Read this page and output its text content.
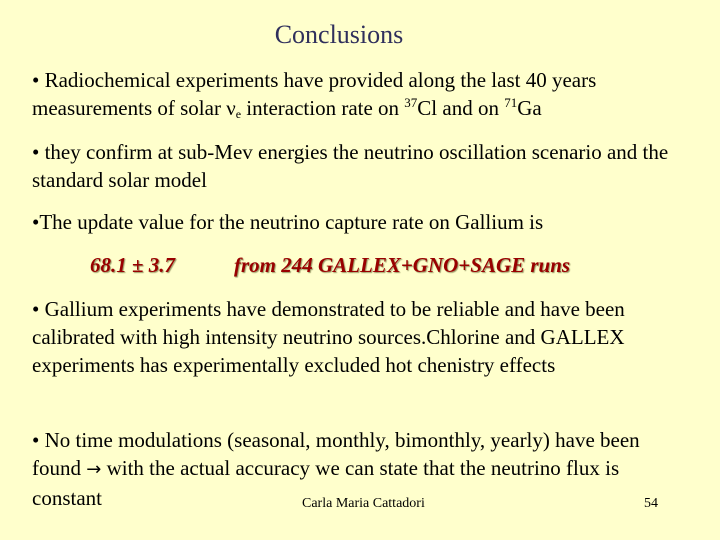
Conclusions
• Radiochemical experiments have provided along the last 40 years measurements of solar $\nu_e$ interaction rate on $^{37}$Cl and on $^{71}$Ga
• they confirm at sub-Mev energies the neutrino oscillation scenario and the standard solar model
•The update value for the neutrino capture rate on Gallium is
68.1 ± 3.7	from 244 GALLEX+GNO+SAGE runs
• Gallium experiments have demonstrated to be reliable and have been calibrated with high intensity neutrino sources.Chlorine and GALLEX experiments has experimentally excluded hot chenistry effects
• No time modulations (seasonal, monthly, bimonthly, yearly) have been found → with the actual accuracy we can state that the neutrino flux is constant	Carla Maria Cattadori	54
